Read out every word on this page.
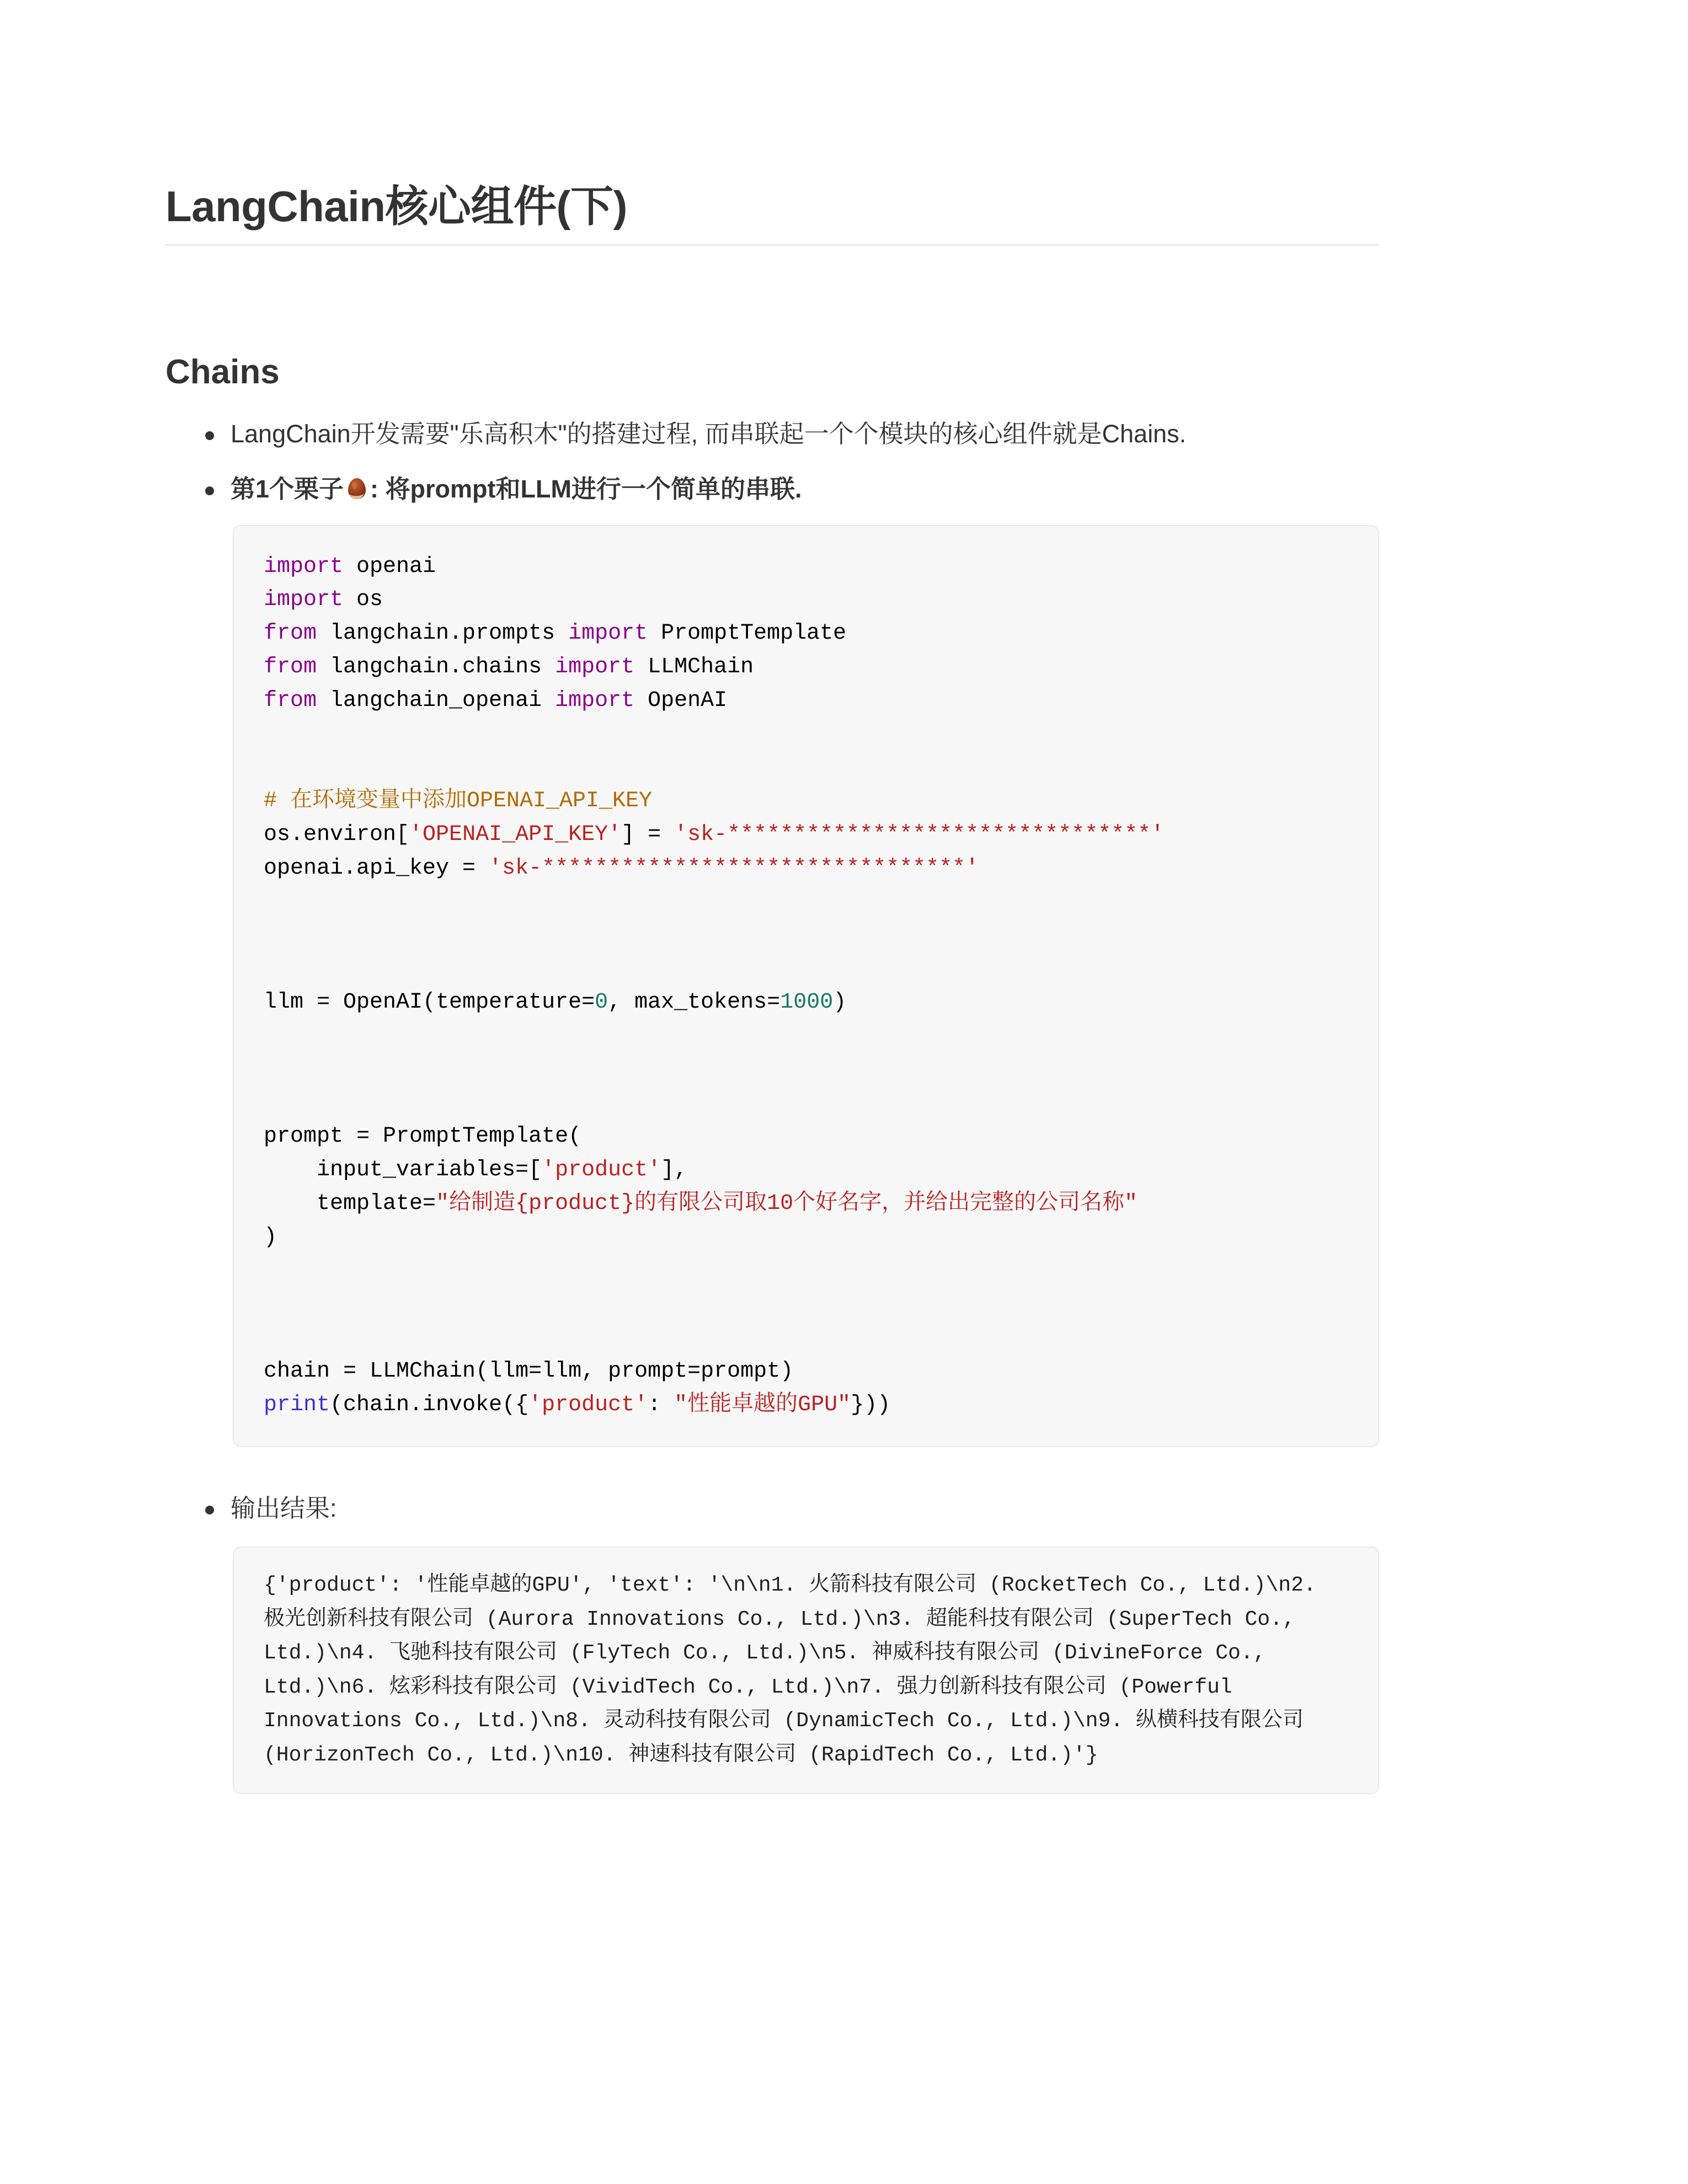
LangChain核心组件(下)
Chains
LangChain开发需要"乐高积木"的搭建过程, 而串联起一个个模块的核心组件就是Chains.
第1个栗子 : 将prompt和LLM进行一个简单的串联.
import openai
import os
from langchain.prompts import PromptTemplate
from langchain.chains import LLMChain
from langchain_openai import OpenAI

# 在环境变量中添加OPENAI_API_KEY
os.environ['OPENAI_API_KEY'] = 'sk-********************************'
openai.api_key = 'sk-********************************'

llm = OpenAI(temperature=0, max_tokens=1000)

prompt = PromptTemplate(
input_variables=['product'],
template="给制造{product}的有限公司取10个好名字，并给出完整的公司名称"
)

chain = LLMChain(llm=llm, prompt=prompt)
print(chain.invoke({'product': "性能卓越的GPU"}))
输出结果:
{'product': '性能卓越的GPU', 'text': '\n\n1. 火箭科技有限公司 (RocketTech Co., Ltd.)\n2. 极光创新科技有限公司 (Aurora Innovations Co., Ltd.)\n3. 超能科技有限公司 (SuperTech Co., Ltd.)\n4. 飞驰科技有限公司 (FlyTech Co., Ltd.)\n5. 神威科技有限公司 (DivineForce Co., Ltd.)\n6. 炫彩科技有限公司 (VividTech Co., Ltd.)\n7. 强力创新科技有限公司 (Powerful Innovations Co., Ltd.)\n8. 灵动科技有限公司 (DynamicTech Co., Ltd.)\n9. 纵横科技有限公司 (HorizonTech Co., Ltd.)\n10. 神速科技有限公司 (RapidTech Co., Ltd.)'}
